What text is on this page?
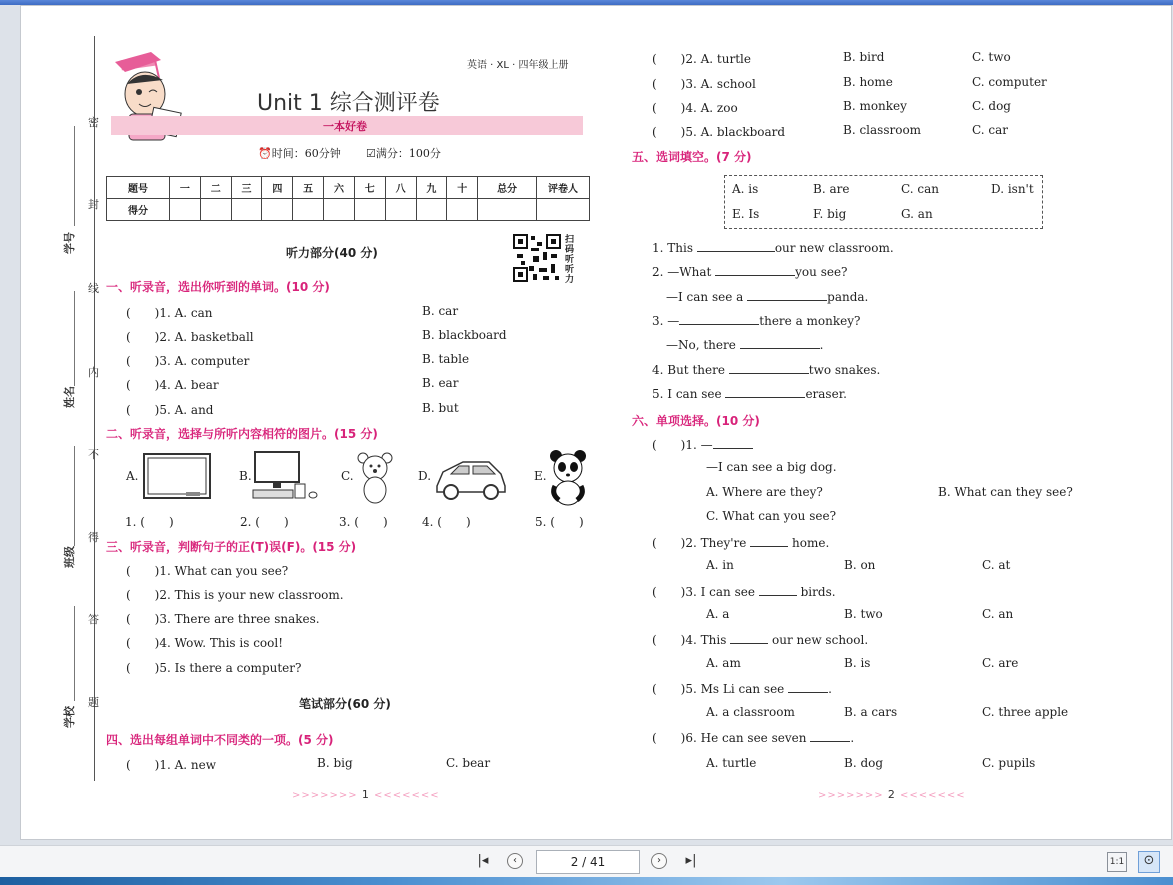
密
封
线
内
不
得
答
题
学号
姓名
班级
学校
英语 · XL · 四年级上册
Unit 1 综合测评卷
一本好卷
⏰时间：60分钟 ☑满分：100分
题号	一	二	三	四	五	六	七	八	九	十	总分	评卷人
得分												
听力部分(40 分)
扫码听听力
一、听录音，选出你听到的单词。(10 分)
(　　)1. A. can	B. car
(　　)2. A. basketball	B. blackboard
(　　)3. A. computer	B. table
(　　)4. A. bear	B. ear
(　　)5. A. and	B. but
二、听录音，选择与所听内容相符的图片。(15 分)
A.	B.	C.	D.	E.
1. (　　)	2. (　　)	3. (　　)	4. (　　)	5. (　　)
三、听录音，判断句子的正(T)误(F)。(15 分)
(　　)1. What can you see?
(　　)2. This is your new classroom.
(　　)3. There are three snakes.
(　　)4. Wow. This is cool!
(　　)5. Is there a computer?
笔试部分(60 分)
四、选出每组单词中不同类的一项。(5 分)
(　　)1. A. new	B. big	C. bear
>>>>>>> 1 <<<<<<<
(　　)2. A. turtle	B. bird	C. two
(　　)3. A. school	B. home	C. computer
(　　)4. A. zoo	B. monkey	C. dog
(　　)5. A. blackboard	B. classroom	C. car
五、选词填空。(7 分)
A. is	B. are	C. can	D. isn't
E. Is	F. big	G. an
1. This	our new classroom.
2. —What	you see?
—I can see a	panda.
3. —	there a monkey?
—No, there	.
4. But there	two snakes.
5. I can see	eraser.
六、单项选择。(10 分)
(　　)1. —
—I can see a big dog.
A. Where are they?	B. What can they see?
C. What can you see?
(　　)2. They're	home.
A. in	B. on	C. at
(　　)3. I can see	birds.
A. a	B. two	C. an
(　　)4. This	our new school.
A. am	B. is	C. are
(　　)5. Ms Li can see	.
A. a classroom	B. a cars	C. three apple
(　　)6. He can see seven	.
A. turtle	B. dog	C. pupils
>>>>>>> 2 <<<<<<<
|◂	‹	2 / 41	›	▸|	1:1	⊙
